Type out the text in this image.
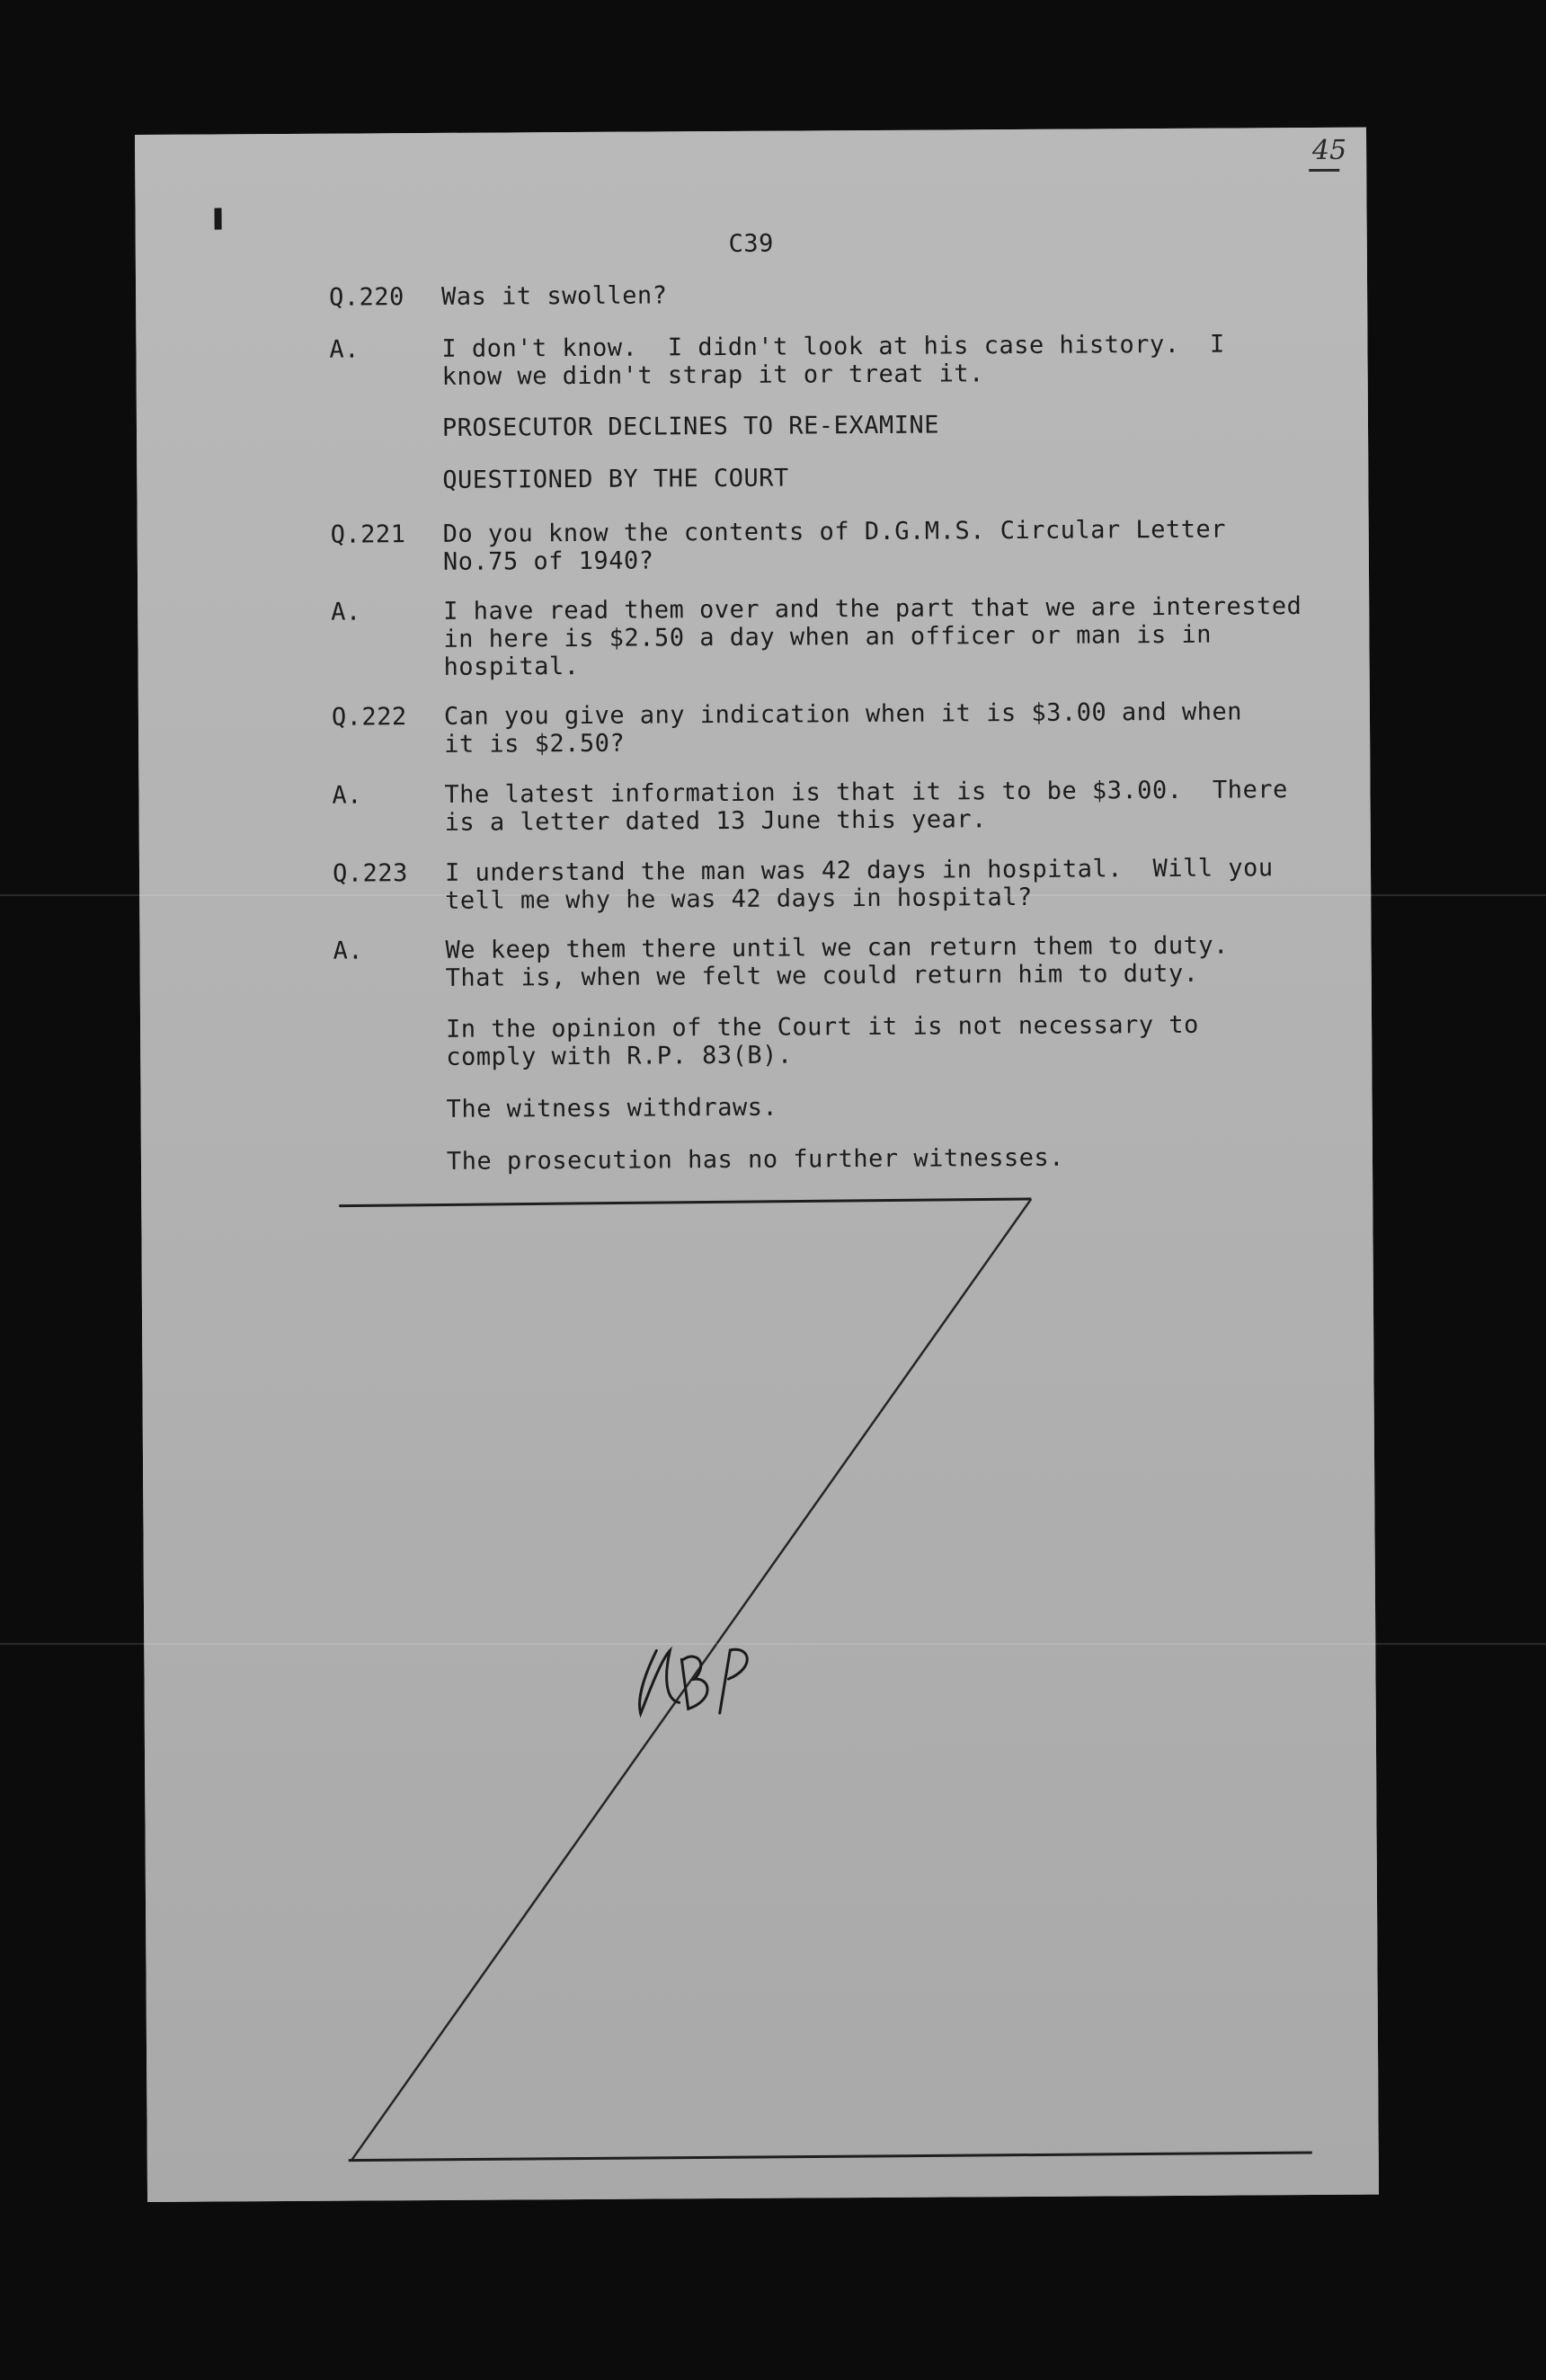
45
C39
Q.220	Was it swollen?
A.	I don't know.  I didn't look at his case history.  I
know we didn't strap it or treat it.
PROSECUTOR DECLINES TO RE-EXAMINE
QUESTIONED BY THE COURT
Q.221	Do you know the contents of D.G.M.S. Circular Letter
No.75 of 1940?
A.	I have read them over and the part that we are interested
in here is $2.50 a day when an officer or man is in
hospital.
Q.222	Can you give any indication when it is $3.00 and when
it is $2.50?
A.	The latest information is that it is to be $3.00.  There
is a letter dated 13 June this year.
Q.223	I understand the man was 42 days in hospital.  Will you
tell me why he was 42 days in hospital?
A.	We keep them there until we can return them to duty.
That is, when we felt we could return him to duty.
In the opinion of the Court it is not necessary to
comply with R.P. 83(B).
The witness withdraws.
The prosecution has no further witnesses.
